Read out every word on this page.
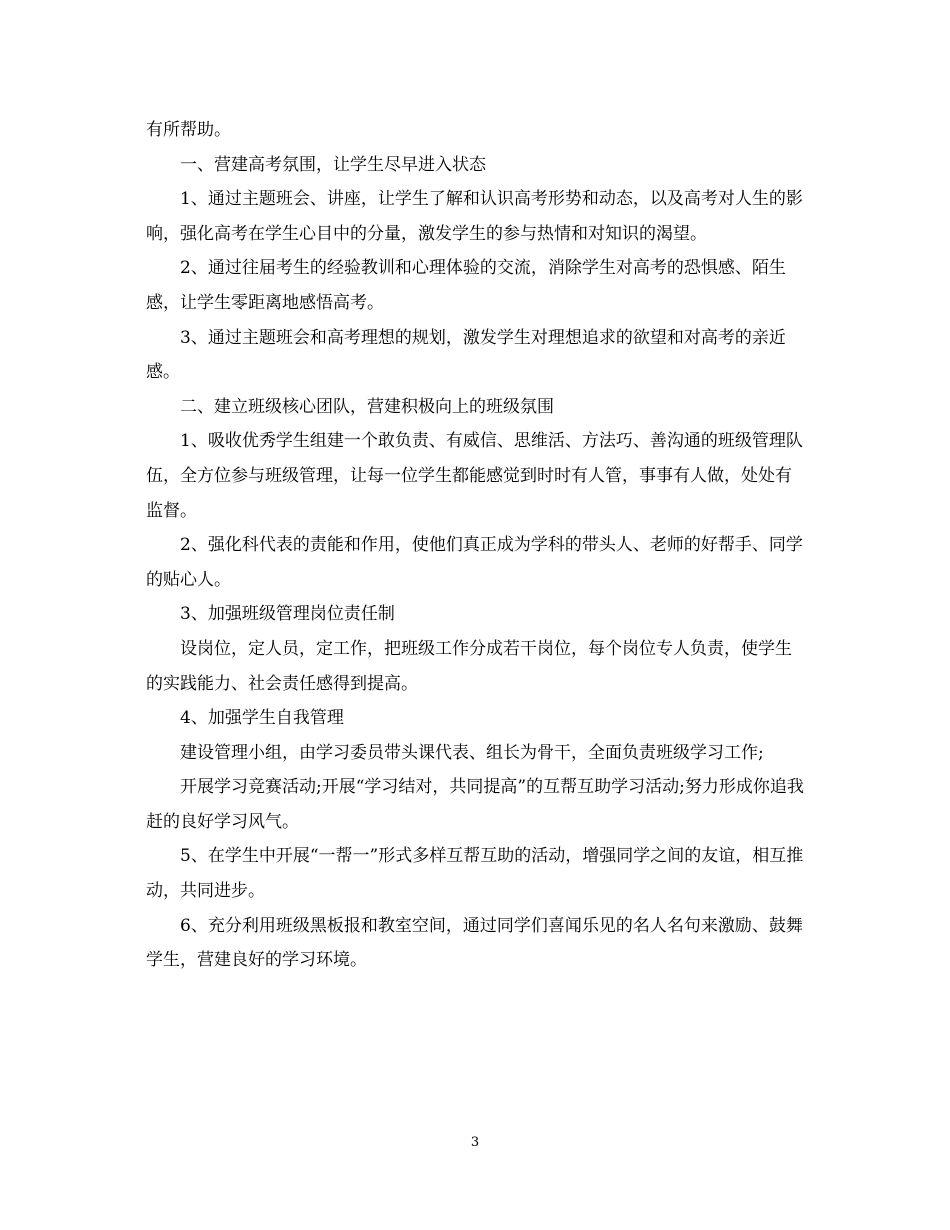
有所帮助。

一、营建高考氛围，让学生尽早进入状态

1、通过主题班会、讲座，让学生了解和认识高考形势和动态，以及高考对人生的影响，强化高考在学生心目中的分量，激发学生的参与热情和对知识的渴望。

2、通过往届考生的经验教训和心理体验的交流，消除学生对高考的恐惧感、陌生感，让学生零距离地感悟高考。

3、通过主题班会和高考理想的规划，激发学生对理想追求的欲望和对高考的亲近感。

二、建立班级核心团队，营建积极向上的班级氛围

1、吸收优秀学生组建一个敢负责、有威信、思维活、方法巧、善沟通的班级管理队伍，全方位参与班级管理，让每一位学生都能感觉到时时有人管，事事有人做，处处有监督。

2、强化科代表的责能和作用，使他们真正成为学科的带头人、老师的好帮手、同学的贴心人。

3、加强班级管理岗位责任制

设岗位，定人员，定工作，把班级工作分成若干岗位，每个岗位专人负责，使学生的实践能力、社会责任感得到提高。

4、加强学生自我管理

建设管理小组，由学习委员带头课代表、组长为骨干，全面负责班级学习工作;

开展学习竞赛活动;开展“学习结对，共同提高”的互帮互助学习活动;努力形成你追我赶的良好学习风气。

5、在学生中开展“一帮一”形式多样互帮互助的活动，增强同学之间的友谊，相互推动，共同进步。

6、充分利用班级黑板报和教室空间，通过同学们喜闻乐见的名人名句来激励、鼓舞学生，营建良好的学习环境。

3
